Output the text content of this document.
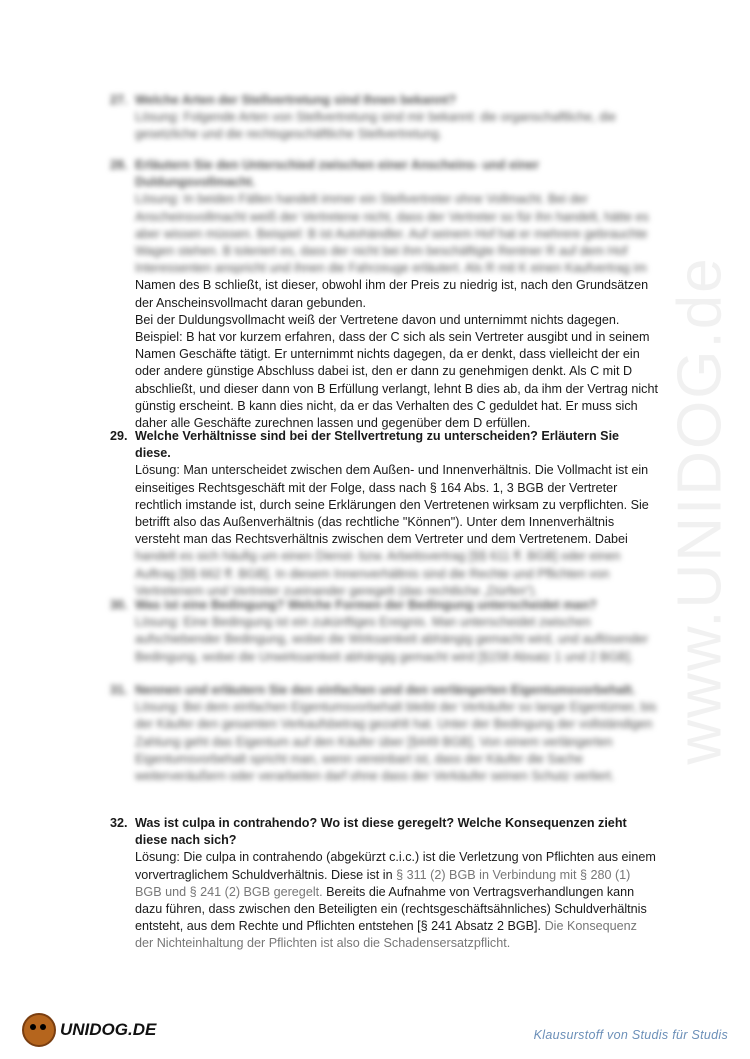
www.UNIDOG.de
27. Welche Arten der Stellvertretung sind Ihnen bekannt?
Lösung: Folgende Arten von Stellvertretung sind mir bekannt: die organschaftliche, die gesetzliche und die rechtsgeschäftliche Stellvertretung.
28. Erläutern Sie den Unterschied zwischen einer Anscheins- und einer Duldungsvollmacht.
Lösung: In beiden Fällen handelt immer ein Stellvertreter ohne Vollmacht. Bei der Anscheinsvollmacht weiß der Vertretene nicht, dass der Vertreter so für ihn handelt, hätte es aber wissen müssen. Beispiel: B ist Autohändler. Auf seinem Hof hat er mehrere gebrauchte Wagen stehen. B toleriert es, dass der nicht bei ihm beschäftigte Rentner R auf dem Hof Interessenten anspricht und ihnen die Fahrzeuge erläutert. Als R mit K einen Kaufvertrag im
Namen des B schließt, ist dieser, obwohl ihm der Preis zu niedrig ist, nach den Grundsätzen der Anscheinsvollmacht daran gebunden.
Bei der Duldungsvollmacht weiß der Vertretene davon und unternimmt nichts dagegen. Beispiel: B hat vor kurzem erfahren, dass der C sich als sein Vertreter ausgibt und in seinem Namen Geschäfte tätigt. Er unternimmt nichts dagegen, da er denkt, dass vielleicht der ein oder andere günstige Abschluss dabei ist, den er dann zu genehmigen denkt. Als C mit D abschließt, und dieser dann von B Erfüllung verlangt, lehnt B dies ab, da ihm der Vertrag nicht günstig erscheint. B kann dies nicht, da er das Verhalten des C geduldet hat. Er muss sich daher alle Geschäfte zurechnen lassen und gegenüber dem D erfüllen.
29. Welche Verhältnisse sind bei der Stellvertretung zu unterscheiden? Erläutern Sie diese.
Lösung: Man unterscheidet zwischen dem Außen- und Innenverhältnis. Die Vollmacht ist ein einseitiges Rechtsgeschäft mit der Folge, dass nach § 164 Abs. 1, 3 BGB der Vertreter rechtlich imstande ist, durch seine Erklärungen den Vertretenen wirksam zu verpflichten. Sie betrifft also das Außenverhältnis (das rechtliche "Können"). Unter dem Innenverhältnis versteht man das Rechtsverhältnis zwischen dem Vertreter und dem Vertretenem. Dabei
handelt es sich häufig um einen Dienst- bzw. Arbeitsvertrag [§§ 611 ff. BGB] oder einen Auftrag [§§ 662 ff. BGB]. In diesem Innenverhältnis sind die Rechte und Pflichten von Vertretenem und Vertreter zueinander geregelt (das rechtliche „Dürfen“).
30. Was ist eine Bedingung? Welche Formen der Bedingung unterscheidet man?
Lösung: Eine Bedingung ist ein zukünftiges Ereignis. Man unterscheidet zwischen aufschiebender Bedingung, wobei die Wirksamkeit abhängig gemacht wird, und auflösender Bedingung, wobei die Unwirksamkeit abhängig gemacht wird [§158 Absatz 1 und 2 BGB].
31. Nennen und erläutern Sie den einfachen und den verlängerten Eigentumsvorbehalt.
Lösung: Bei dem einfachen Eigentumsvorbehalt bleibt der Verkäufer so lange Eigentümer, bis der Käufer den gesamten Verkaufsbetrag gezahlt hat. Unter der Bedingung der vollständigen Zahlung geht das Eigentum auf den Käufer über [§449 BGB]. Von einem verlängerten Eigentumsvorbehalt spricht man, wenn vereinbart ist, dass der Käufer die Sache weiterveräußern oder verarbeiten darf ohne dass der Verkäufer seinen Schutz verliert.
32. Was ist culpa in contrahendo? Wo ist diese geregelt? Welche Konsequenzen zieht diese nach sich?
Lösung: Die culpa in contrahendo (abgekürzt c.i.c.) ist die Verletzung von Pflichten aus einem vorvertraglichem Schuldverhältnis. Diese ist in § 311 (2) BGB in Verbindung mit § 280 (1) BGB und § 241 (2) BGB geregelt. Bereits die Aufnahme von Vertragsverhandlungen kann dazu führen, dass zwischen den Beteiligten ein (rechtsgeschäftsähnliches) Schuldverhältnis entsteht, aus dem Rechte und Pflichten entstehen [§ 241 Absatz 2 BGB]. Die Konsequenz der Nichteinhaltung der Pflichten ist also die Schadensersatzpflicht.
UNIDOG.DE	Klausurstoff von Studis für Studis
